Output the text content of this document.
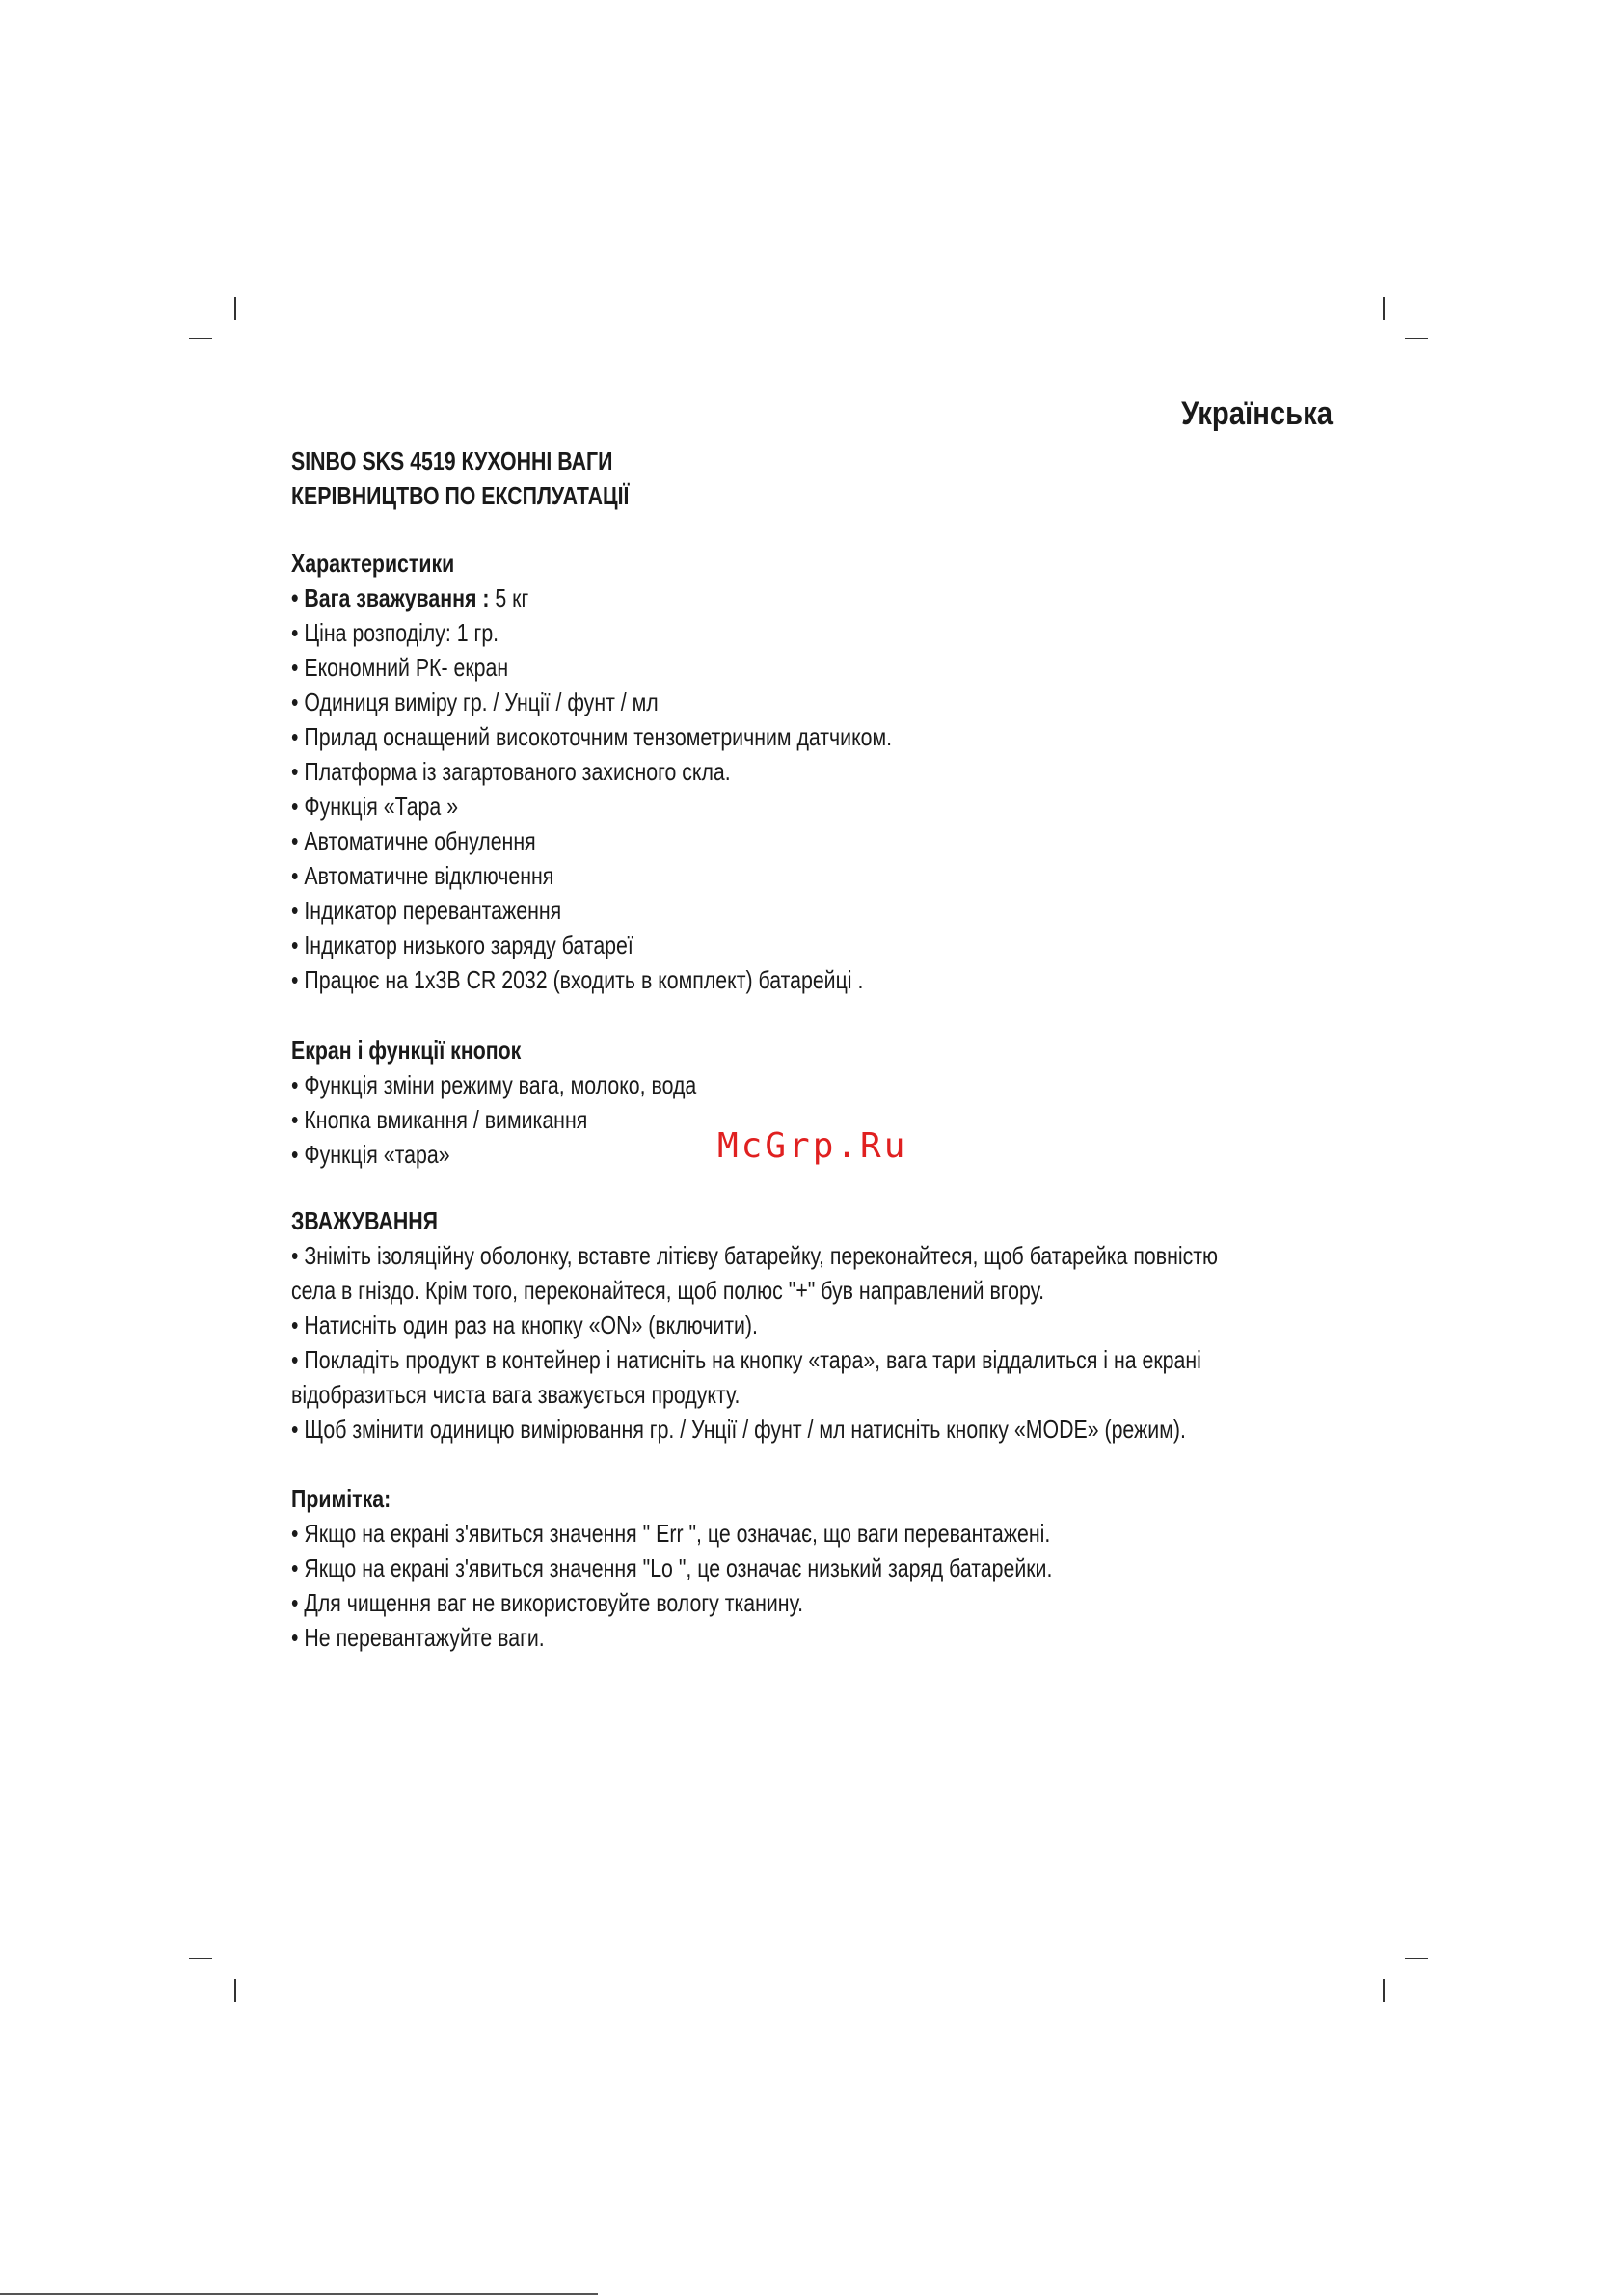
Українська
SINBO SKS 4519 КУХОННІ ВАГИ
КЕРІВНИЦТВО ПО ЕКСПЛУАТАЦІЇ
Характеристики
• Вага зважування : 5 кг
• Ціна розподілу: 1 гр.
• Економний РК- екран
• Одиниця виміру гр. / Унції / фунт / мл
• Прилад оснащений високоточним тензометричним датчиком.
• Платформа із загартованого захисного скла.
• Функція «Тара »
• Автоматичне обнулення
• Автоматичне відключення
• Індикатор перевантаження
• Індикатор низького заряду батареї
• Працює на 1х3В CR 2032 (входить в комплект) батарейці .
Екран і функції кнопок
• Функція зміни режиму вага, молоко, вода
• Кнопка вмикання / вимикання
• Функція «тара»
ЗВАЖУВАННЯ
• Зніміть ізоляційну оболонку, вставте літієву батарейку, переконайтеся, щоб батарейка повністю
села в гніздо. Крім того, переконайтеся, щоб полюс "+" був направлений вгору.
• Натисніть один раз на кнопку «ON» (включити).
• Покладіть продукт в контейнер і натисніть на кнопку «тара», вага тари віддалиться і на екрані
відобразиться чиста вага зважується продукту.
• Щоб змінити одиницю вимірювання гр. / Унції / фунт / мл натисніть кнопку «MODE» (режим).
Примітка:
• Якщо на екрані з'явиться значення " Err ", це означає, що ваги перевантажені.
• Якщо на екрані з'явиться значення "Lo ", це означає низький заряд батарейки.
• Для чищення ваг не використовуйте вологу тканину.
• Не перевантажуйте ваги.
McGrp.Ru
